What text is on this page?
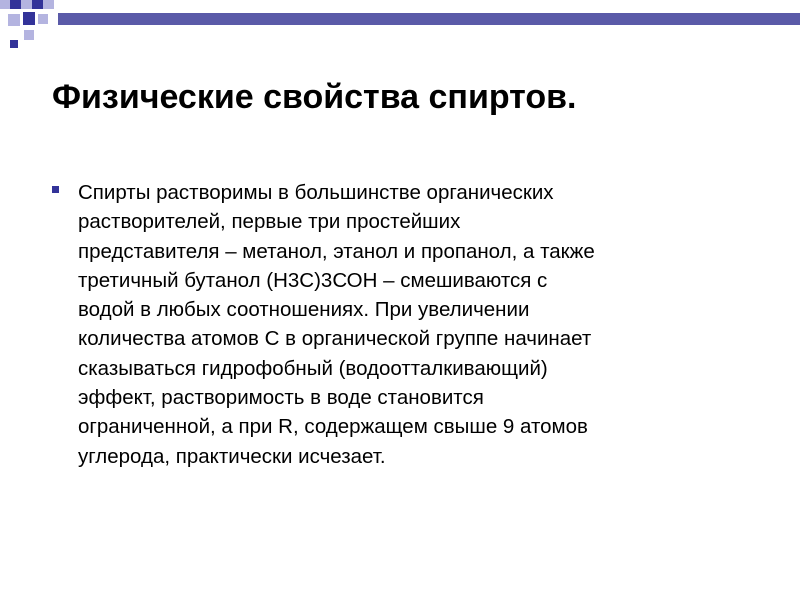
Физические свойства спиртов.

Спирты растворимы в большинстве органических
растворителей, первые три простейших
представителя – метанол, этанол и пропанол, а также
третичный бутанол (Н3С)3СОН – смешиваются с
водой в любых соотношениях. При увеличении
количества атомов С в органической группе начинает
сказываться гидрофобный (водоотталкивающий)
эффект, растворимость в воде становится
ограниченной, а при R, содержащем свыше 9 атомов
углерода, практически исчезает.
